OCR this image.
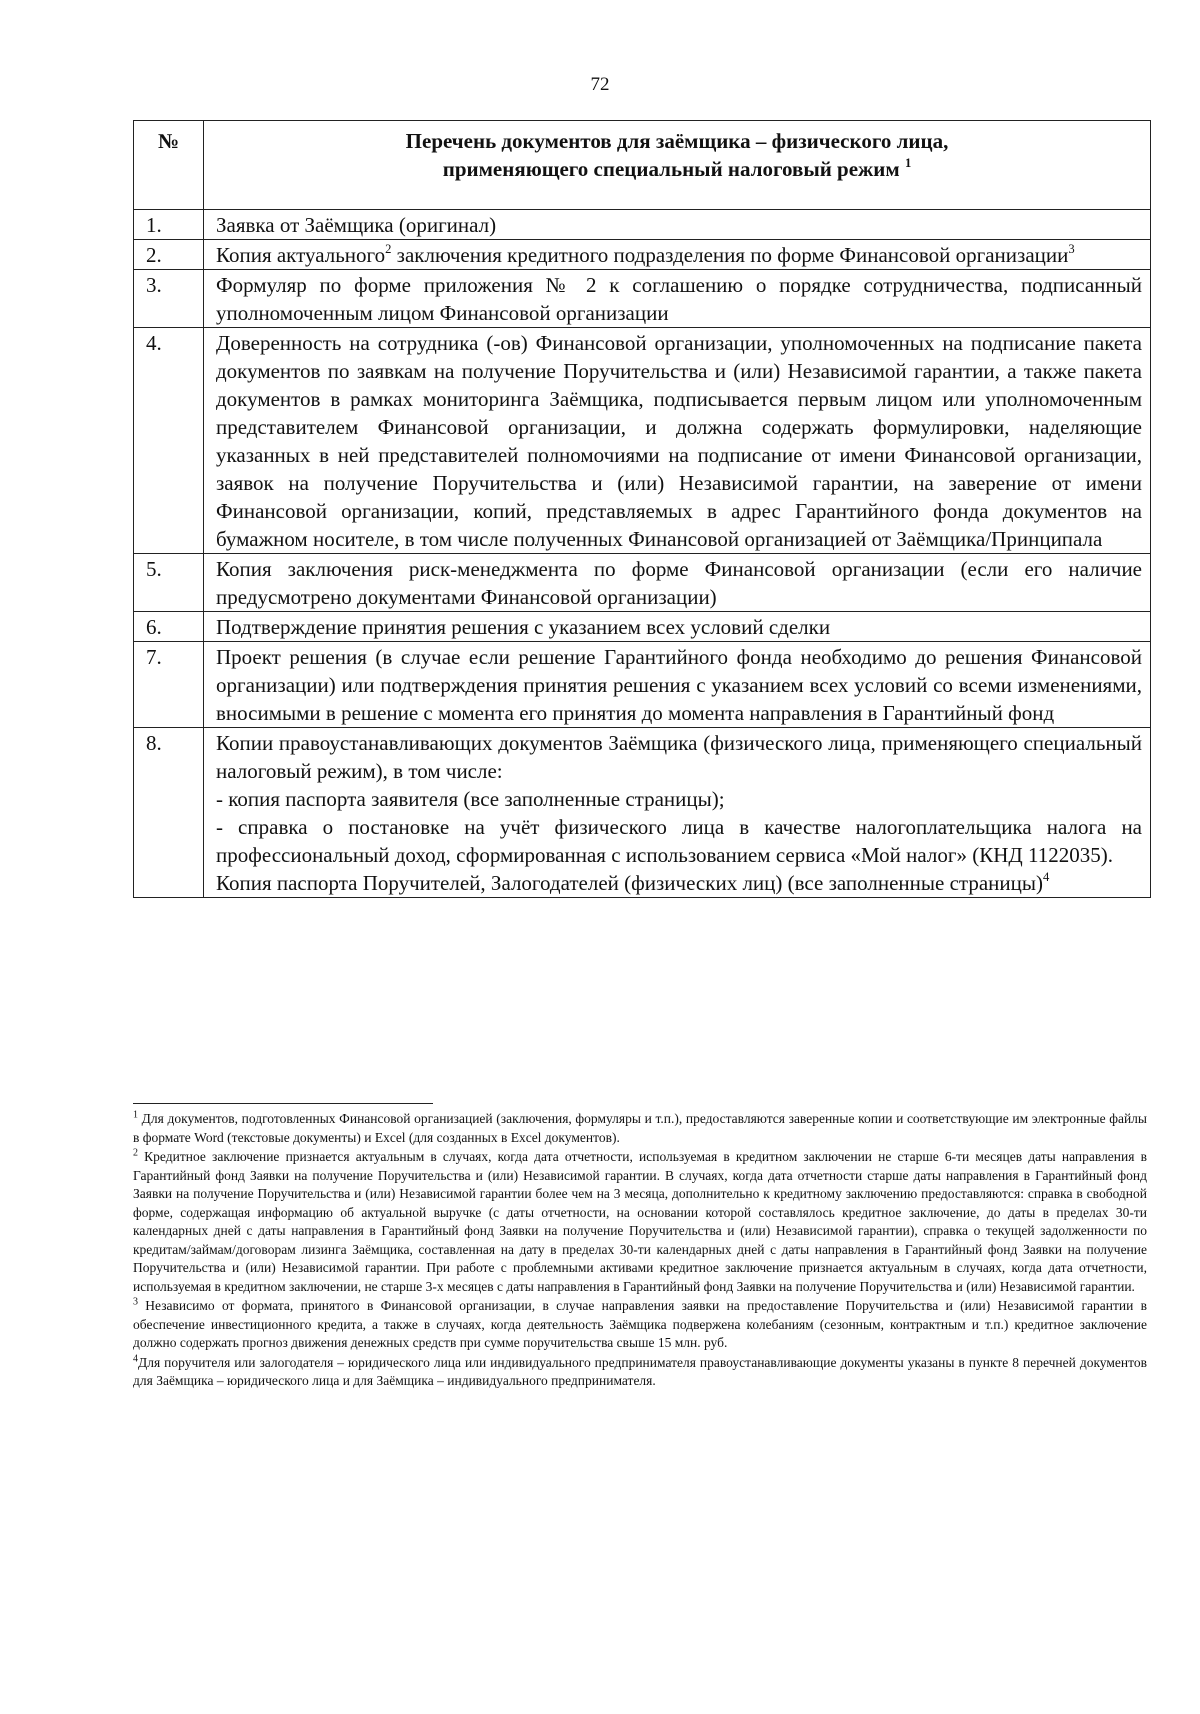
72
№	Перечень документов для заёмщика – физического лица,
применяющего специальный налоговый режим $^1$
1.	Заявка от Заёмщика (оригинал)
2.	Копия актуального$^2$ заключения кредитного подразделения по форме Финансовой организации$^3$
3.	Формуляр по форме приложения № 2 к соглашению о порядке сотрудничества, подписанный уполномоченным лицом Финансовой организации
4.	Доверенность на сотрудника (-ов) Финансовой организации, уполномоченных на подписание пакета документов по заявкам на получение Поручительства и (или) Независимой гарантии, а также пакета документов в рамках мониторинга Заёмщика, подписывается первым лицом или уполномоченным представителем Финансовой организации, и должна содержать формулировки, наделяющие указанных в ней представителей полномочиями на подписание от имени Финансовой организации, заявок на получение Поручительства и (или) Независимой гарантии, на заверение от имени Финансовой организации, копий, представляемых в адрес Гарантийного фонда документов на бумажном носителе, в том числе полученных Финансовой организацией от Заёмщика/Принципала
5.	Копия заключения риск-менеджмента по форме Финансовой организации (если его наличие предусмотрено документами Финансовой организации)
6.	Подтверждение принятия решения с указанием всех условий сделки
7.	Проект решения (в случае если решение Гарантийного фонда необходимо до решения Финансовой организации) или подтверждения принятия решения с указанием всех условий со всеми изменениями, вносимыми в решение с момента его принятия до момента направления в Гарантийный фонд
8.	Копии правоустанавливающих документов Заёмщика (физического лица, применяющего специальный налоговый режим), в том числе:

- копия паспорта заявителя (все заполненные страницы);

- справка о постановке на учёт физического лица в качестве налогоплательщика налога на профессиональный доход, сформированная с использованием сервиса «Мой налог» (КНД 1122035).

Копия паспорта Поручителей, Залогодателей (физических лиц) (все заполненные страницы)$^4$

$^1$ Для документов, подготовленных Финансовой организацией (заключения, формуляры и т.п.), предоставляются заверенные копии и соответствующие им электронные файлы в формате Word (текстовые документы) и Excel (для созданных в Excel документов).

$^2$ Кредитное заключение признается актуальным в случаях, когда дата отчетности, используемая в кредитном заключении не старше 6-ти месяцев даты направления в Гарантийный фонд Заявки на получение Поручительства и (или) Независимой гарантии. В случаях, когда дата отчетности старше даты направления в Гарантийный фонд Заявки на получение Поручительства и (или) Независимой гарантии более чем на 3 месяца, дополнительно к кредитному заключению предоставляются: справка в свободной форме, содержащая информацию об актуальной выручке (с даты отчетности, на основании которой составлялось кредитное заключение, до даты в пределах 30-ти календарных дней с даты направления в Гарантийный фонд Заявки на получение Поручительства и (или) Независимой гарантии), справка о текущей задолженности по кредитам/займам/договорам лизинга Заёмщика, составленная на дату в пределах 30-ти календарных дней с даты направления в Гарантийный фонд Заявки на получение Поручительства и (или) Независимой гарантии. При работе с проблемными активами кредитное заключение признается актуальным в случаях, когда дата отчетности, используемая в кредитном заключении, не старше 3-х месяцев с даты направления в Гарантийный фонд Заявки на получение Поручительства и (или) Независимой гарантии.

$^3$ Независимо от формата, принятого в Финансовой организации, в случае направления заявки на предоставление Поручительства и (или) Независимой гарантии в обеспечение инвестиционного кредита, а также в случаях, когда деятельность Заёмщика подвержена колебаниям (сезонным, контрактным и т.п.) кредитное заключение должно содержать прогноз движения денежных средств при сумме поручительства свыше 15 млн. руб.

$^4$Для поручителя или залогодателя – юридического лица или индивидуального предпринимателя правоустанавливающие документы указаны в пункте 8 перечней документов для Заёмщика – юридического лица и для Заёмщика – индивидуального предпринимателя.
